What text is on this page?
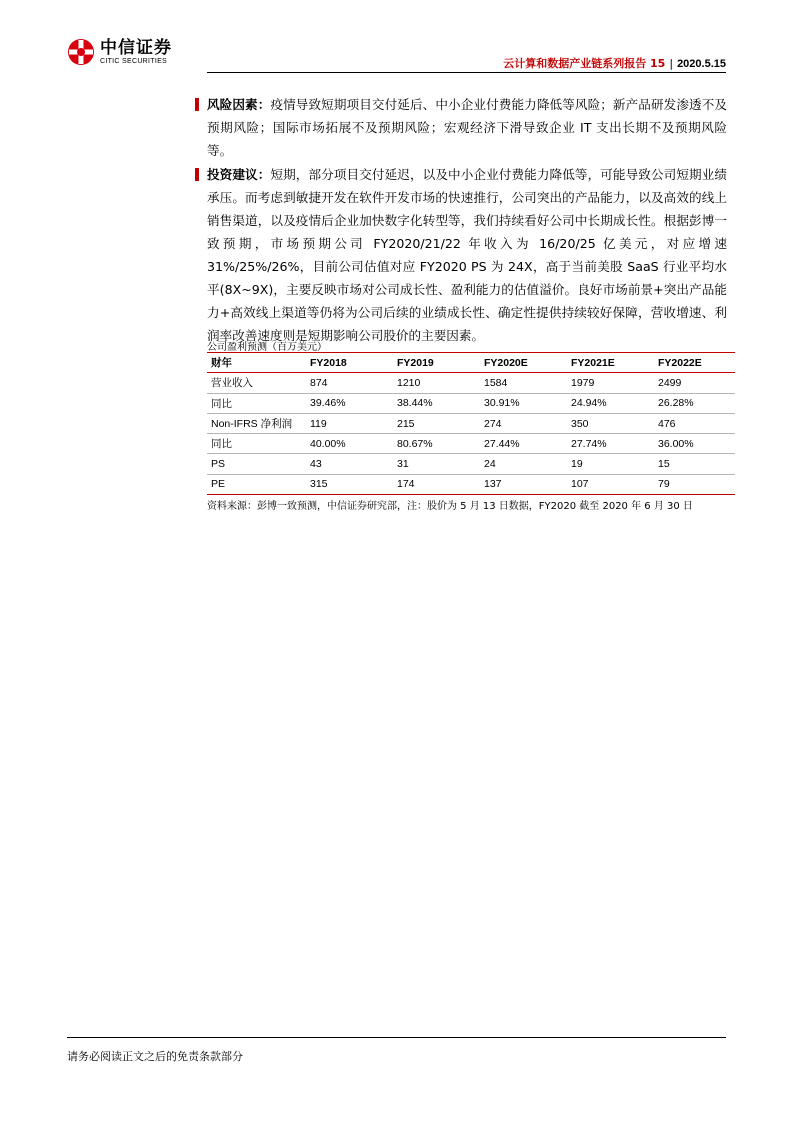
中信证券
CITIC SECURITIES	云计算和数据产业链系列报告 15 | 2020.5.15
风险因素：疫情导致短期项目交付延后、中小企业付费能力降低等风险；新产品研发渗透不及预期风险；国际市场拓展不及预期风险；宏观经济下滑导致企业 IT 支出长期不及预期风险等。
投资建议：短期，部分项目交付延迟，以及中小企业付费能力降低等，可能导致公司短期业绩承压。而考虑到敏捷开发在软件开发市场的快速推行，公司突出的产品能力，以及高效的线上销售渠道，以及疫情后企业加快数字化转型等，我们持续看好公司中长期成长性。根据彭博一致预期，市场预期公司 FY2020/21/22 年收入为 16/20/25 亿美元，对应增速 31%/25%/26%，目前公司估值对应 FY2020 PS 为 24X，高于当前美股 SaaS 行业平均水平(8X~9X)，主要反映市场对公司成长性、盈利能力的估值溢价。良好市场前景+突出产品能力+高效线上渠道等仍将为公司后续的业绩成长性、确定性提供持续较好保障，营收增速、利润率改善速度则是短期影响公司股价的主要因素。
公司盈利预测（百万美元）
财年	FY2018	FY2019	FY2020E	FY2021E	FY2022E
营业收入	874	1210	1584	1979	2499
同比	39.46%	38.44%	30.91%	24.94%	26.28%
Non-IFRS 净利润	119	215	274	350	476
同比	40.00%	80.67%	27.44%	27.74%	36.00%
PS	43	31	24	19	15
PE	315	174	137	107	79
资料来源：彭博一致预测，中信证券研究部，注：股价为 5 月 13 日数据，FY2020 截至 2020 年 6 月 30 日
请务必阅读正文之后的免责条款部分
